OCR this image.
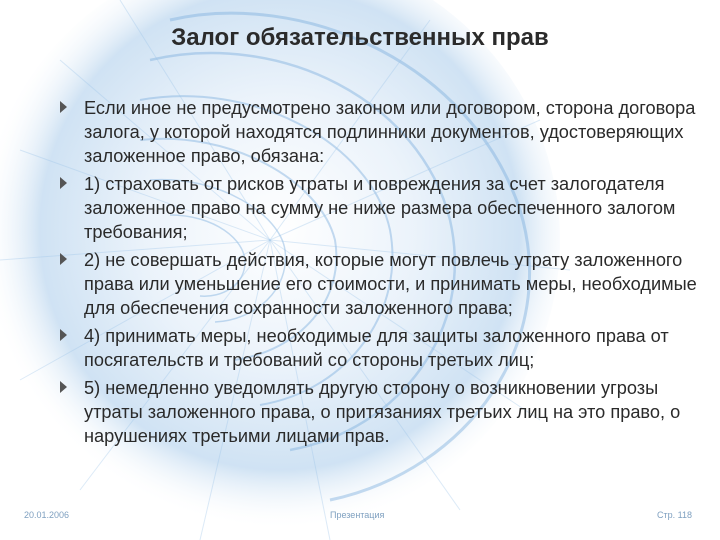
Залог обязательственных прав
Если иное не предусмотрено законом или договором, сторона договора залога, у которой находятся подлинники документов, удостоверяющих заложенное право, обязана:
1) страховать от рисков утраты и повреждения за счет залогодателя заложенное право на сумму не ниже размера обеспеченного залогом требования;
2) не совершать действия, которые могут повлечь утрату заложенного права или уменьшение его стоимости, и принимать меры, необходимые для обеспечения сохранности заложенного права;
4) принимать меры, необходимые для защиты заложенного права от посягательств и требований со стороны третьих лиц;
5) немедленно уведомлять другую сторону о возникновении угрозы утраты заложенного права, о притязаниях третьих лиц на это право, о нарушениях третьими лицами прав.
20.01.2006	Презентация	Стр. 118
